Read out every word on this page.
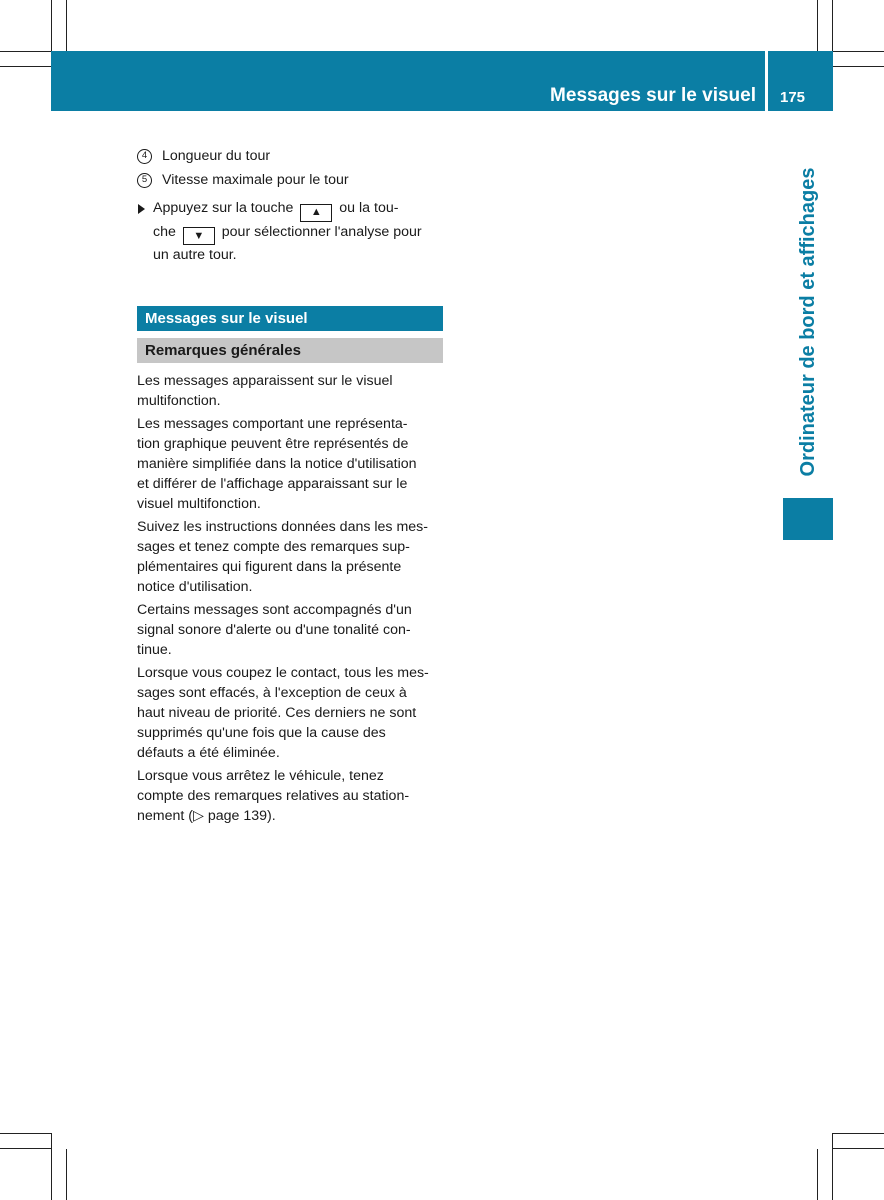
Messages sur le visuel 175
Ordinateur de bord et affichages
4	Longueur du tour
5	Vitesse maximale pour le tour
Appuyez sur la touche ▲ ou la tou-
che ▼ pour sélectionner l'analyse pour
un autre tour.
Messages sur le visuel
Remarques générales

Les messages apparaissent sur le visuel
multifonction.

Les messages comportant une représenta-
tion graphique peuvent être représentés de
manière simplifiée dans la notice d'utilisation
et différer de l'affichage apparaissant sur le
visuel multifonction.

Suivez les instructions données dans les mes-
sages et tenez compte des remarques sup-
plémentaires qui figurent dans la présente
notice d'utilisation.

Certains messages sont accompagnés d'un
signal sonore d'alerte ou d'une tonalité con-
tinue.

Lorsque vous coupez le contact, tous les mes-
sages sont effacés, à l'exception de ceux à
haut niveau de priorité. Ces derniers ne sont
supprimés qu'une fois que la cause des
défauts a été éliminée.

Lorsque vous arrêtez le véhicule, tenez
compte des remarques relatives au station-
nement (▷ page 139).
